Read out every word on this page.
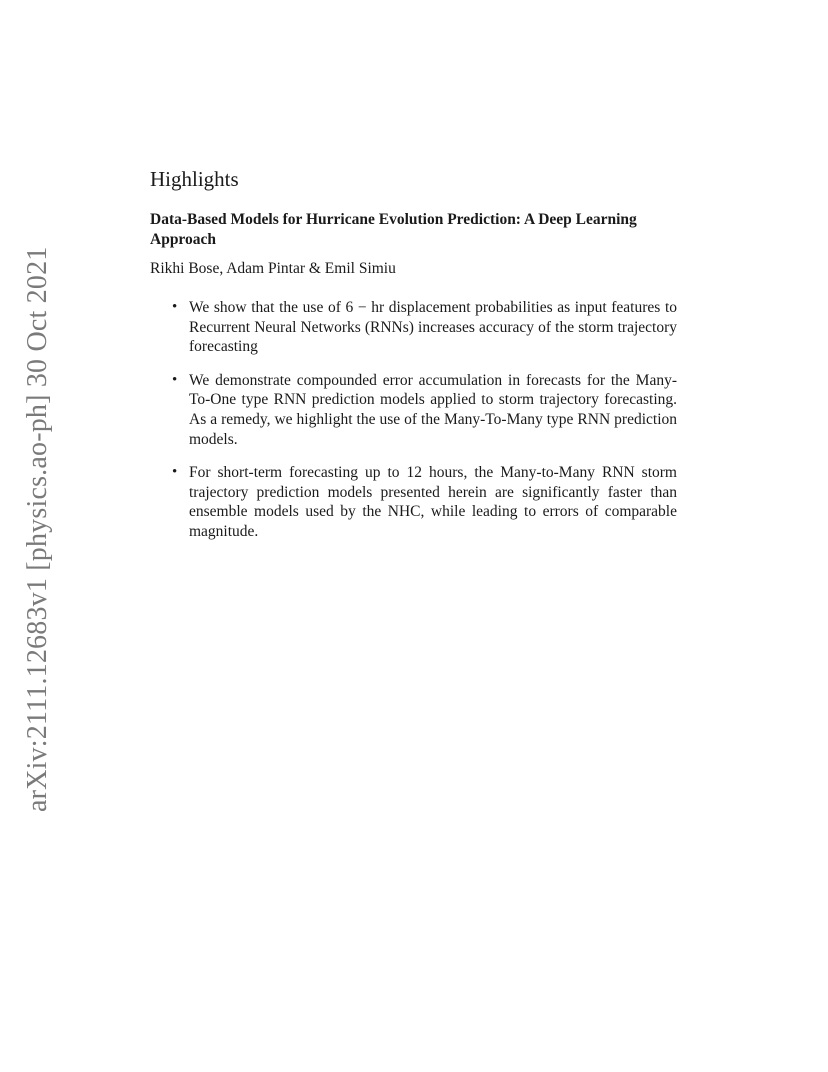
arXiv:2111.12683v1 [physics.ao-ph] 30 Oct 2021
Highlights
Data-Based Models for Hurricane Evolution Prediction: A Deep Learning Approach
Rikhi Bose, Adam Pintar & Emil Simiu
• We show that the use of 6 − hr displacement probabilities as input features to Recurrent Neural Networks (RNNs) increases accuracy of the storm trajectory forecasting
• We demonstrate compounded error accumulation in forecasts for the Many-To-One type RNN prediction models applied to storm trajectory forecasting. As a remedy, we highlight the use of the Many-To-Many type RNN prediction models.
• For short-term forecasting up to 12 hours, the Many-to-Many RNN storm trajectory prediction models presented herein are significantly faster than ensemble models used by the NHC, while leading to errors of comparable magnitude.
